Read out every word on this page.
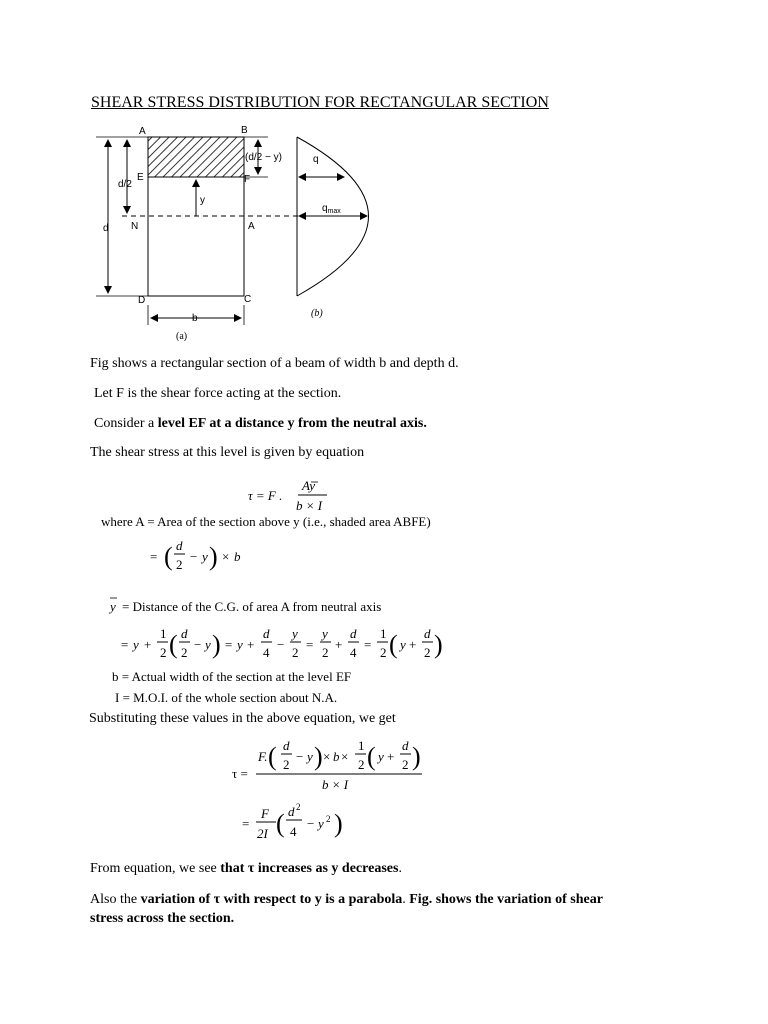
SHEAR STRESS DISTRIBUTION FOR RECTANGULAR SECTION
A	B
E	F
N	A
D	C
(d/2 − y)
d/2
d
y
b
q
$q_{max}$
(a)
(b)
Fig shows a rectangular section of a beam of width b and depth d.
Let F is the shear force acting at the section.
Consider a level EF at a distance y from the neutral axis.
The shear stress at this level is given by equation
τ = F .
Ay
b × I
where A = Area of the section above y (i.e., shaded area ABFE)
= ( d
2
− y ) × b
y = Distance of the C.G. of area A from neutral axis
= y +
1
2 ( d
2
− y ) = y +
d
4
−
y
2
=
y
2
+
d
4
=
1
2 ( y +
d
2 )
b = Actual width of the section at the level EF
I = M.O.I. of the whole section about N.A.
Substituting these values in the above equation, we get
τ =
F. ( d
2
− y ) × b ×
1
2 ( y +
d
2 )
b × I
=
F
2I ( d 2
4
− y 2 )
From equation, we see that τ increases as y decreases.
Also the variation of τ with respect to y is a parabola. Fig. shows the variation of shear
stress across the section.
